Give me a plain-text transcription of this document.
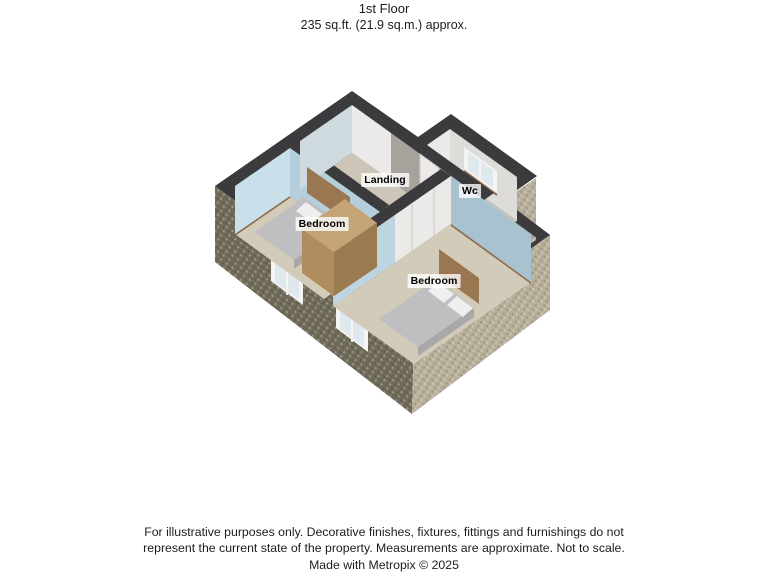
1st Floor
235 sq.ft. (21.9 sq.m.) approx.
Landing
Bedroom
Wc
Bedroom
For illustrative purposes only. Decorative finishes, fixtures, fittings and furnishings do not
represent the current state of the property. Measurements are approximate. Not to scale.
Made with Metropix © 2025
